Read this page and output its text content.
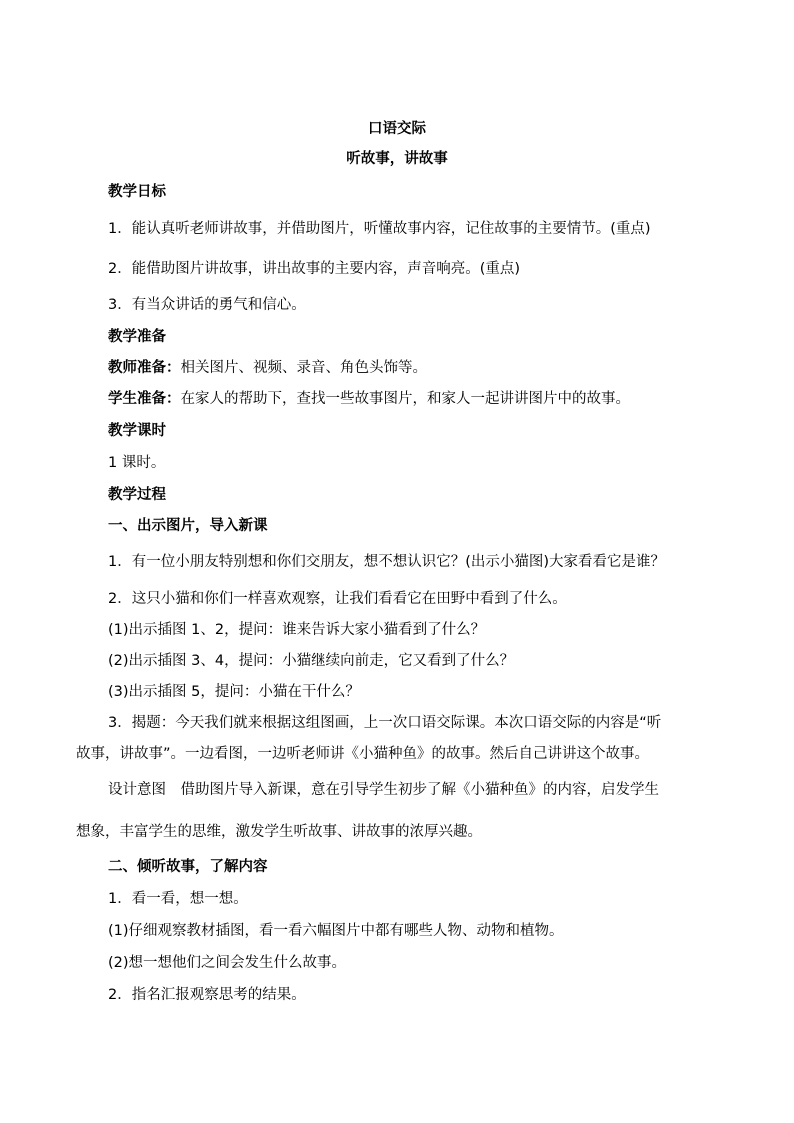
口语交际

听故事，讲故事

教学日标

1．能认真听老师讲故事，并借助图片，听懂故事内容，记住故事的主要情节。(重点)

2．能借助图片讲故事，讲出故事的主要内容，声音响亮。(重点)

3．有当众讲话的勇气和信心。

教学准备

教师准备：相关图片、视频、录音、角色头饰等。

学生准备：在家人的帮助下，查找一些故事图片，和家人一起讲讲图片中的故事。

教学课时

1 课时。

教学过程

一、出示图片，导入新课

1．有一位小朋友特别想和你们交朋友，想不想认识它？(出示小猫图)大家看看它是谁？

2．这只小猫和你们一样喜欢观察，让我们看看它在田野中看到了什么。

(1)出示插图 1、2，提问：谁来告诉大家小猫看到了什么？

(2)出示插图 3、4，提问：小猫继续向前走，它又看到了什么？

(3)出示插图 5，提问：小猫在干什么？

3．揭题：今天我们就来根据这组图画，上一次口语交际课。本次口语交际的内容是“听

故事，讲故事”。一边看图，一边听老师讲《小猫种鱼》的故事。然后自己讲讲这个故事。

设计意图　借助图片导入新课，意在引导学生初步了解《小猫种鱼》的内容，启发学生

想象，丰富学生的思维，激发学生听故事、讲故事的浓厚兴趣。

二、倾听故事，了解内容

1．看一看，想一想。

(1)仔细观察教材插图，看一看六幅图片中都有哪些人物、动物和植物。

(2)想一想他们之间会发生什么故事。

2．指名汇报观察思考的结果。
